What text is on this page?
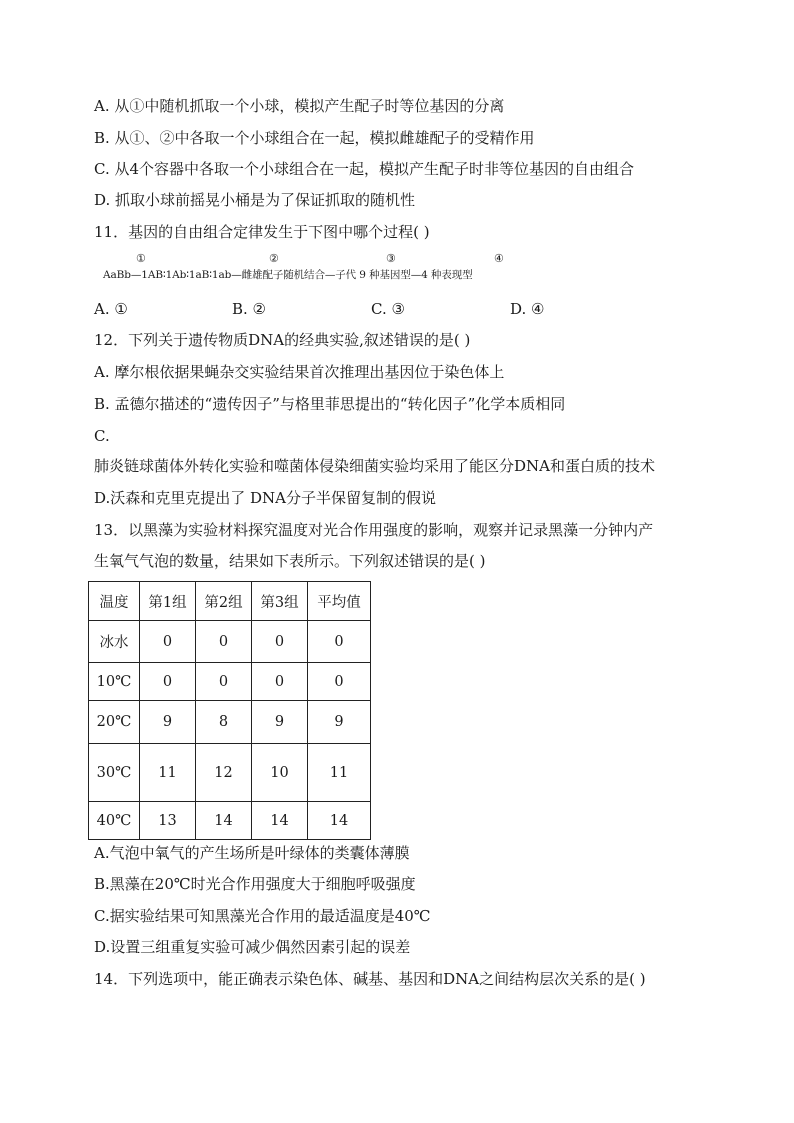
A. 从①中随机抓取一个小球，模拟产生配子时等位基因的分离
B. 从①、②中各取一个小球组合在一起，模拟雌雄配子的受精作用
C. 从4个容器中各取一个小球组合在一起，模拟产生配子时非等位基因的自由组合
D. 抓取小球前摇晃小桶是为了保证抓取的随机性
11．基因的自由组合定律发生于下图中哪个过程( )
①	②	③	④
AaBb—1AB∶1Ab∶1aB∶1ab—雌雄配子随机结合—子代 9 种基因型—4 种表现型
A. ①	B. ②	C. ③	D. ④
12．下列关于遗传物质DNA的经典实验,叙述错误的是( )
A. 摩尔根依据果蝇杂交实验结果首次推理出基因位于染色体上
B. 孟德尔描述的“遗传因子”与格里菲思提出的“转化因子”化学本质相同
C.
肺炎链球菌体外转化实验和噬菌体侵染细菌实验均采用了能区分DNA和蛋白质的技术
D.沃森和克里克提出了 DNA分子半保留复制的假说
13．以黑藻为实验材料探究温度对光合作用强度的影响，观察并记录黑藻一分钟内产
生氧气气泡的数量，结果如下表所示。下列叙述错误的是( )
温度	第1组	第2组	第3组	平均值
冰水	0	0	0	0
10℃	0	0	0	0
20℃	9	8	9	9
30℃	11	12	10	11
40℃	13	14	14	14
A.气泡中氧气的产生场所是叶绿体的类囊体薄膜
B.黑藻在20℃时光合作用强度大于细胞呼吸强度
C.据实验结果可知黑藻光合作用的最适温度是40℃
D.设置三组重复实验可减少偶然因素引起的误差
14．下列选项中，能正确表示染色体、碱基、基因和DNA之间结构层次关系的是( )
